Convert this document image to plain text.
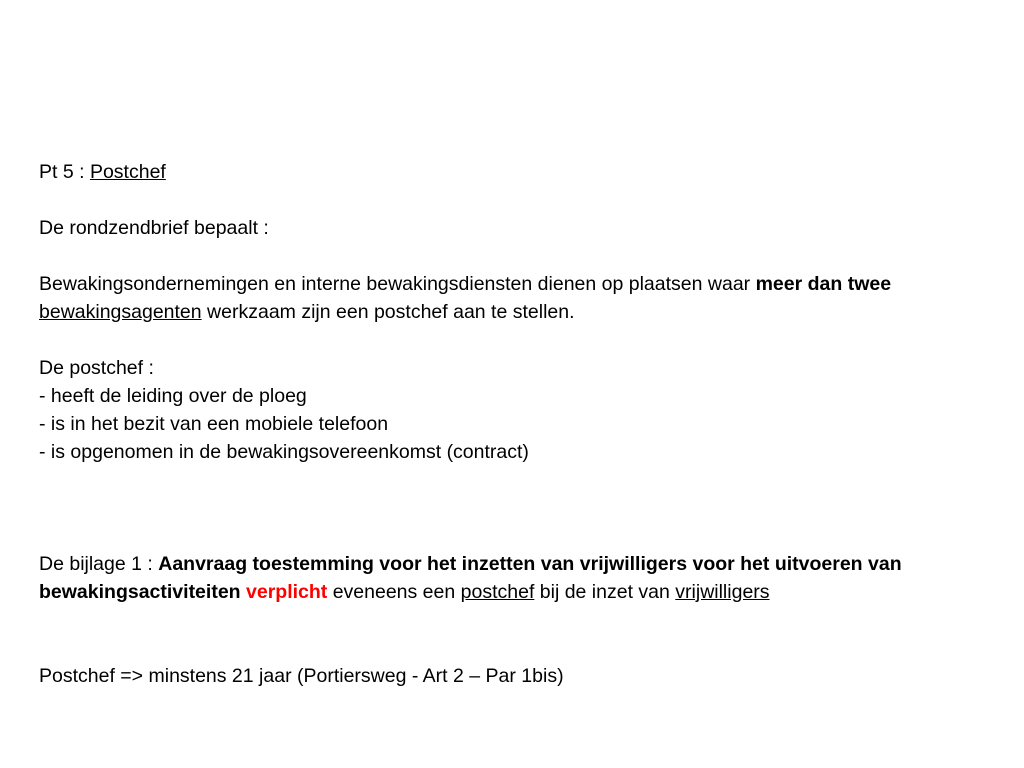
Pt 5 : Postchef

De rondzendbrief bepaalt :

Bewakingsondernemingen en interne bewakingsdiensten dienen op plaatsen waar meer dan twee bewakingsagenten werkzaam zijn een postchef aan te stellen.

De postchef :

- heeft de leiding over de ploeg

- is in het bezit van een mobiele telefoon

- is opgenomen in de bewakingsovereenkomst (contract)

De bijlage 1 : Aanvraag toestemming voor het inzetten van vrijwilligers voor het uitvoeren van bewakingsactiviteiten verplicht eveneens een postchef bij de inzet van vrijwilligers

Postchef => minstens 21 jaar (Portiersweg - Art 2 – Par 1bis)
